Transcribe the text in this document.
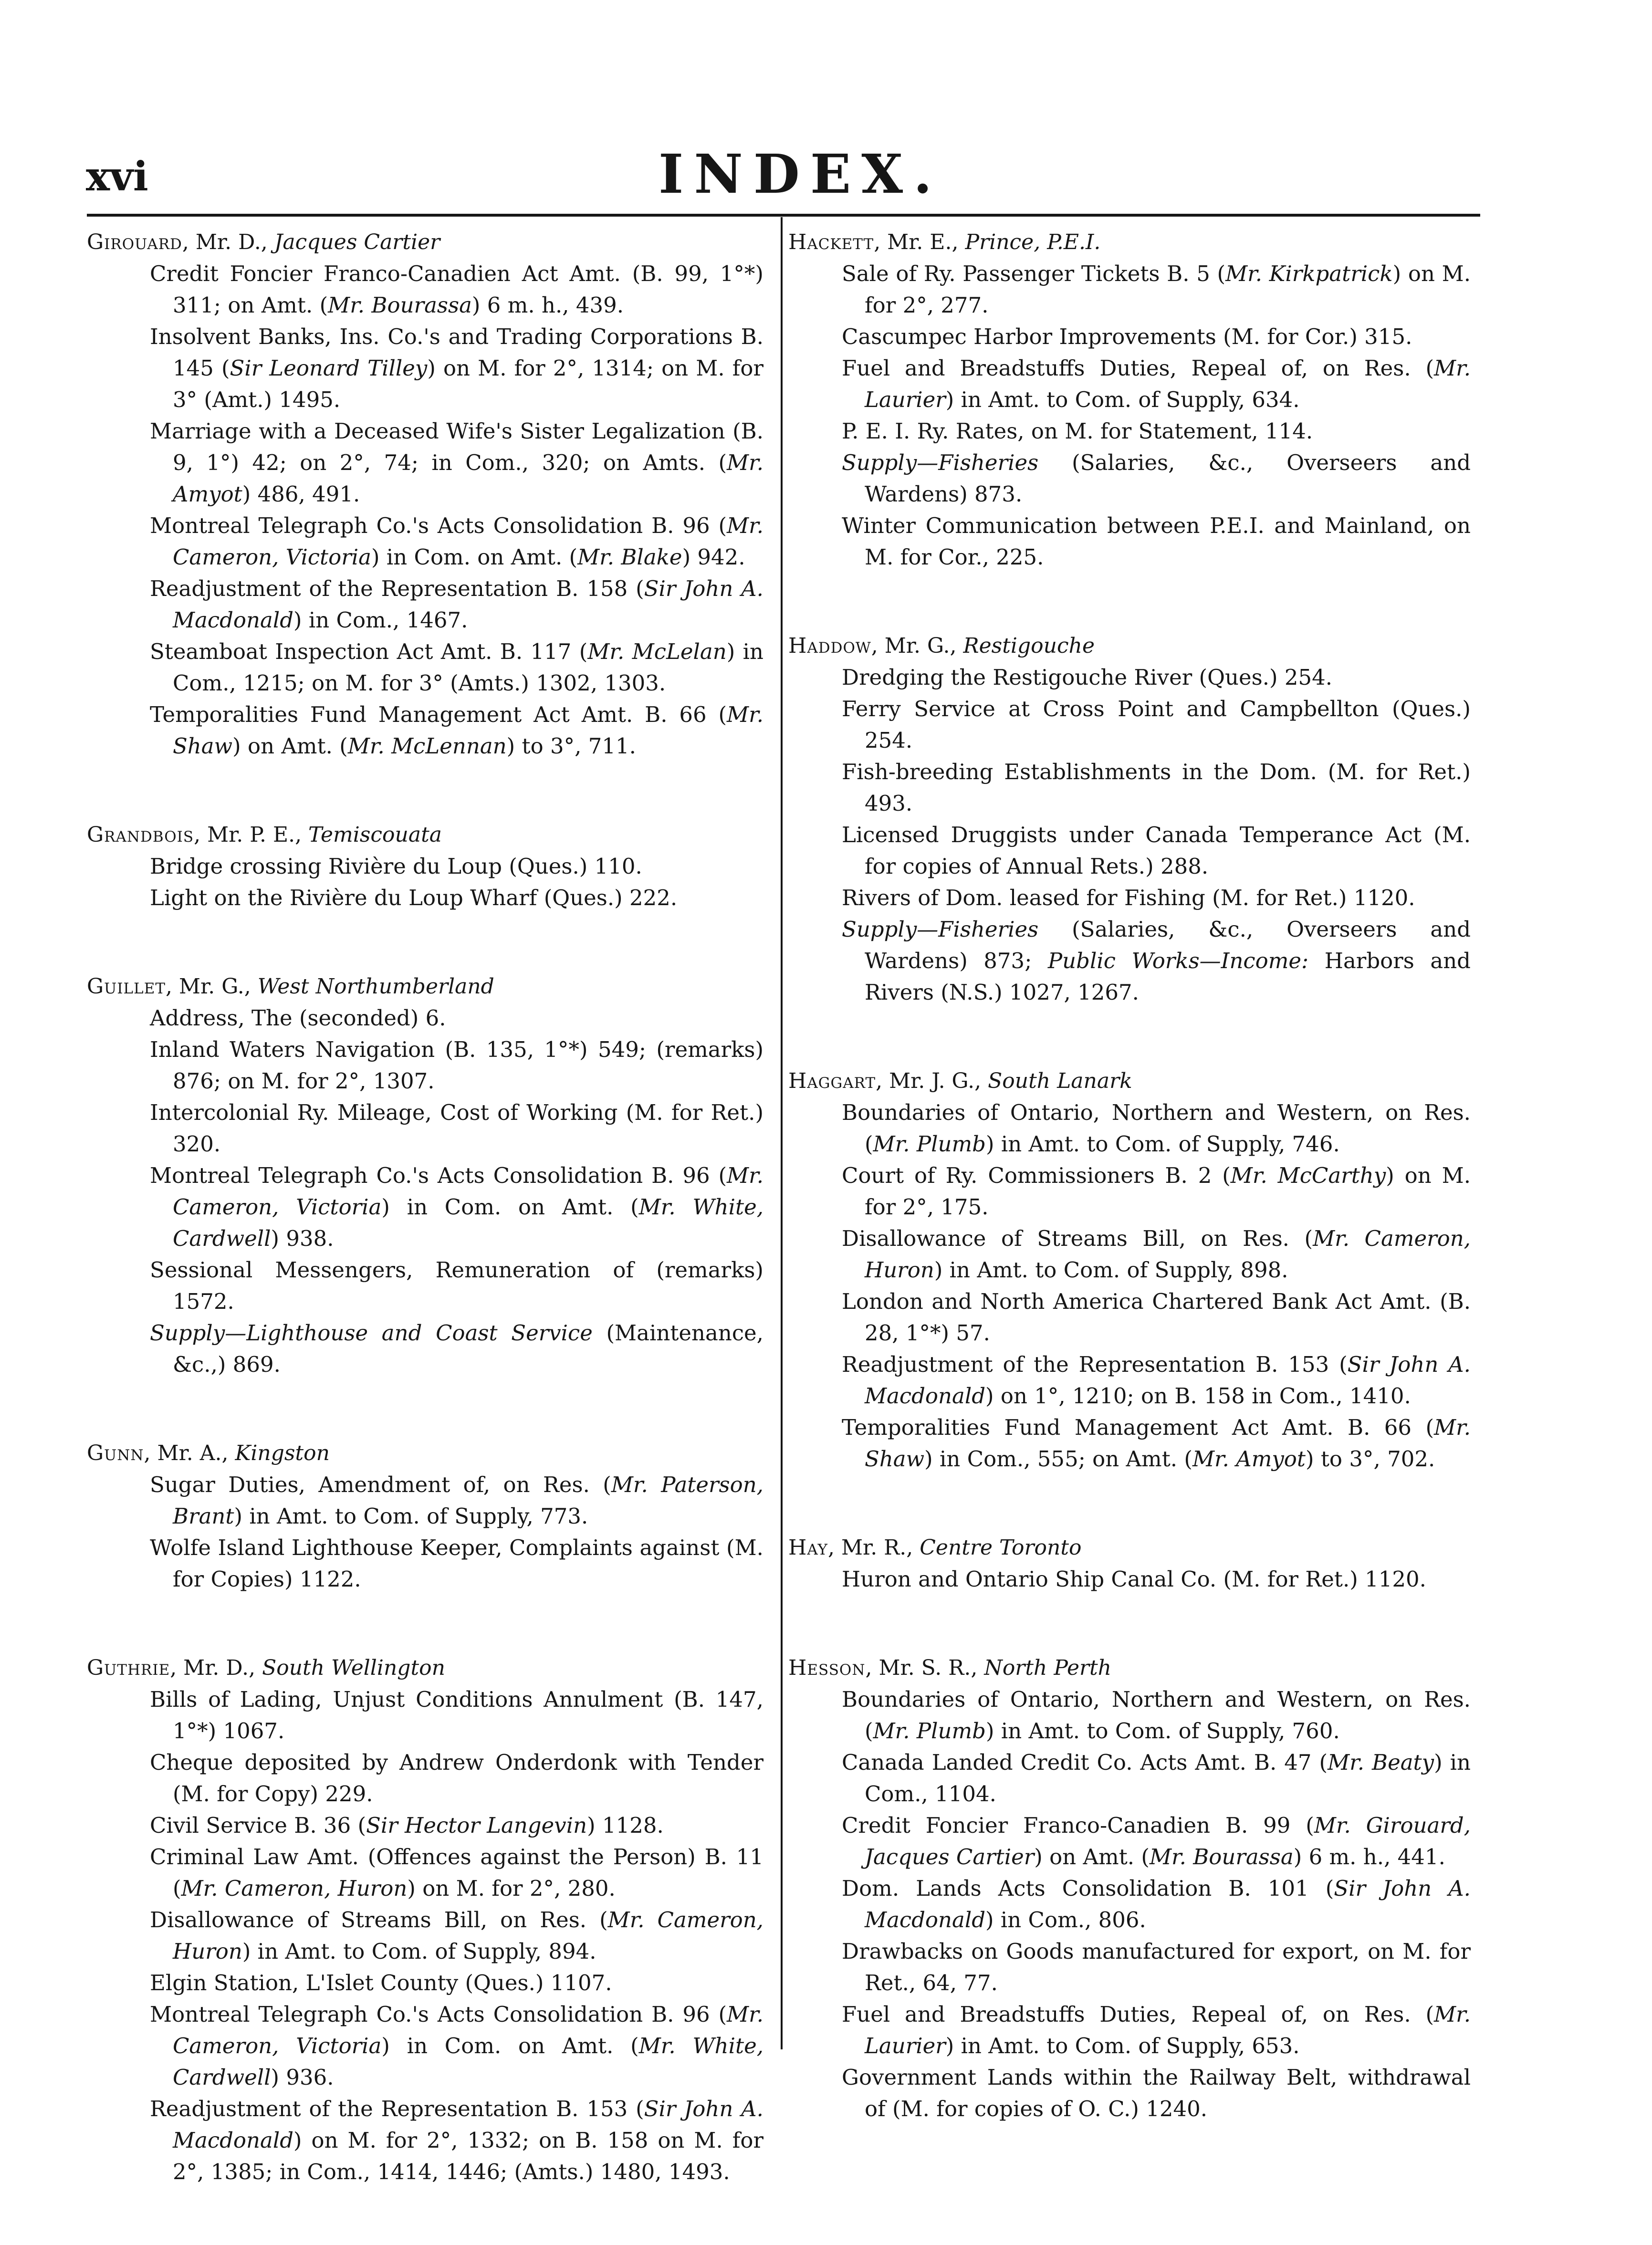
xvi	INDEX.
Girouard, Mr. D., Jacques Cartier
Credit Foncier Franco-Canadien Act Amt. (B. 99, 1°*) 311; on Amt. (Mr. Bourassa) 6 m. h., 439.
Insolvent Banks, Ins. Co.'s and Trading Corporations B. 145 (Sir Leonard Tilley) on M. for 2°, 1314; on M. for 3° (Amt.) 1495.
Marriage with a Deceased Wife's Sister Legalization (B. 9, 1°) 42; on 2°, 74; in Com., 320; on Amts. (Mr. Amyot) 486, 491.
Montreal Telegraph Co.'s Acts Consolidation B. 96 (Mr. Cameron, Victoria) in Com. on Amt. (Mr. Blake) 942.
Readjustment of the Representation B. 158 (Sir John A. Macdonald) in Com., 1467.
Steamboat Inspection Act Amt. B. 117 (Mr. McLelan) in Com., 1215; on M. for 3° (Amts.) 1302, 1303.
Temporalities Fund Management Act Amt. B. 66 (Mr. Shaw) on Amt. (Mr. McLennan) to 3°, 711.
Grandbois, Mr. P. E., Temiscouata
Bridge crossing Rivière du Loup (Ques.) 110.
Light on the Rivière du Loup Wharf (Ques.) 222.
Guillet, Mr. G., West Northumberland
Address, The (seconded) 6.
Inland Waters Navigation (B. 135, 1°*) 549; (remarks) 876; on M. for 2°, 1307.
Intercolonial Ry. Mileage, Cost of Working (M. for Ret.) 320.
Montreal Telegraph Co.'s Acts Consolidation B. 96 (Mr. Cameron, Victoria) in Com. on Amt. (Mr. White, Cardwell) 938.
Sessional Messengers, Remuneration of (remarks) 1572.
Supply—Lighthouse and Coast Service (Maintenance, &c.,) 869.
Gunn, Mr. A., Kingston
Sugar Duties, Amendment of, on Res. (Mr. Paterson, Brant) in Amt. to Com. of Supply, 773.
Wolfe Island Lighthouse Keeper, Complaints against (M. for Copies) 1122.
Guthrie, Mr. D., South Wellington
Bills of Lading, Unjust Conditions Annulment (B. 147, 1°*) 1067.
Cheque deposited by Andrew Onderdonk with Tender (M. for Copy) 229.
Civil Service B. 36 (Sir Hector Langevin) 1128.
Criminal Law Amt. (Offences against the Person) B. 11 (Mr. Cameron, Huron) on M. for 2°, 280.
Disallowance of Streams Bill, on Res. (Mr. Cameron, Huron) in Amt. to Com. of Supply, 894.
Elgin Station, L'Islet County (Ques.) 1107.
Montreal Telegraph Co.'s Acts Consolidation B. 96 (Mr. Cameron, Victoria) in Com. on Amt. (Mr. White, Cardwell) 936.
Readjustment of the Representation B. 153 (Sir John A. Macdonald) on M. for 2°, 1332; on B. 158 on M. for 2°, 1385; in Com., 1414, 1446; (Amts.) 1480, 1493.
Hackett, Mr. E., Prince, P.E.I.
Sale of Ry. Passenger Tickets B. 5 (Mr. Kirkpatrick) on M. for 2°, 277.
Cascumpec Harbor Improvements (M. for Cor.) 315.
Fuel and Breadstuffs Duties, Repeal of, on Res. (Mr. Laurier) in Amt. to Com. of Supply, 634.
P. E. I. Ry. Rates, on M. for Statement, 114.
Supply—Fisheries (Salaries, &c., Overseers and Wardens) 873.
Winter Communication between P.E.I. and Mainland, on M. for Cor., 225.
Haddow, Mr. G., Restigouche
Dredging the Restigouche River (Ques.) 254.
Ferry Service at Cross Point and Campbellton (Ques.) 254.
Fish-breeding Establishments in the Dom. (M. for Ret.) 493.
Licensed Druggists under Canada Temperance Act (M. for copies of Annual Rets.) 288.
Rivers of Dom. leased for Fishing (M. for Ret.) 1120.
Supply—Fisheries (Salaries, &c., Overseers and Wardens) 873; Public Works—Income: Harbors and Rivers (N.S.) 1027, 1267.
Haggart, Mr. J. G., South Lanark
Boundaries of Ontario, Northern and Western, on Res. (Mr. Plumb) in Amt. to Com. of Supply, 746.
Court of Ry. Commissioners B. 2 (Mr. McCarthy) on M. for 2°, 175.
Disallowance of Streams Bill, on Res. (Mr. Cameron, Huron) in Amt. to Com. of Supply, 898.
London and North America Chartered Bank Act Amt. (B. 28, 1°*) 57.
Readjustment of the Representation B. 153 (Sir John A. Macdonald) on 1°, 1210; on B. 158 in Com., 1410.
Temporalities Fund Management Act Amt. B. 66 (Mr. Shaw) in Com., 555; on Amt. (Mr. Amyot) to 3°, 702.
Hay, Mr. R., Centre Toronto
Huron and Ontario Ship Canal Co. (M. for Ret.) 1120.
Hesson, Mr. S. R., North Perth
Boundaries of Ontario, Northern and Western, on Res. (Mr. Plumb) in Amt. to Com. of Supply, 760.
Canada Landed Credit Co. Acts Amt. B. 47 (Mr. Beaty) in Com., 1104.
Credit Foncier Franco-Canadien B. 99 (Mr. Girouard, Jacques Cartier) on Amt. (Mr. Bourassa) 6 m. h., 441.
Dom. Lands Acts Consolidation B. 101 (Sir John A. Macdonald) in Com., 806.
Drawbacks on Goods manufactured for export, on M. for Ret., 64, 77.
Fuel and Breadstuffs Duties, Repeal of, on Res. (Mr. Laurier) in Amt. to Com. of Supply, 653.
Government Lands within the Railway Belt, withdrawal of (M. for copies of O. C.) 1240.
